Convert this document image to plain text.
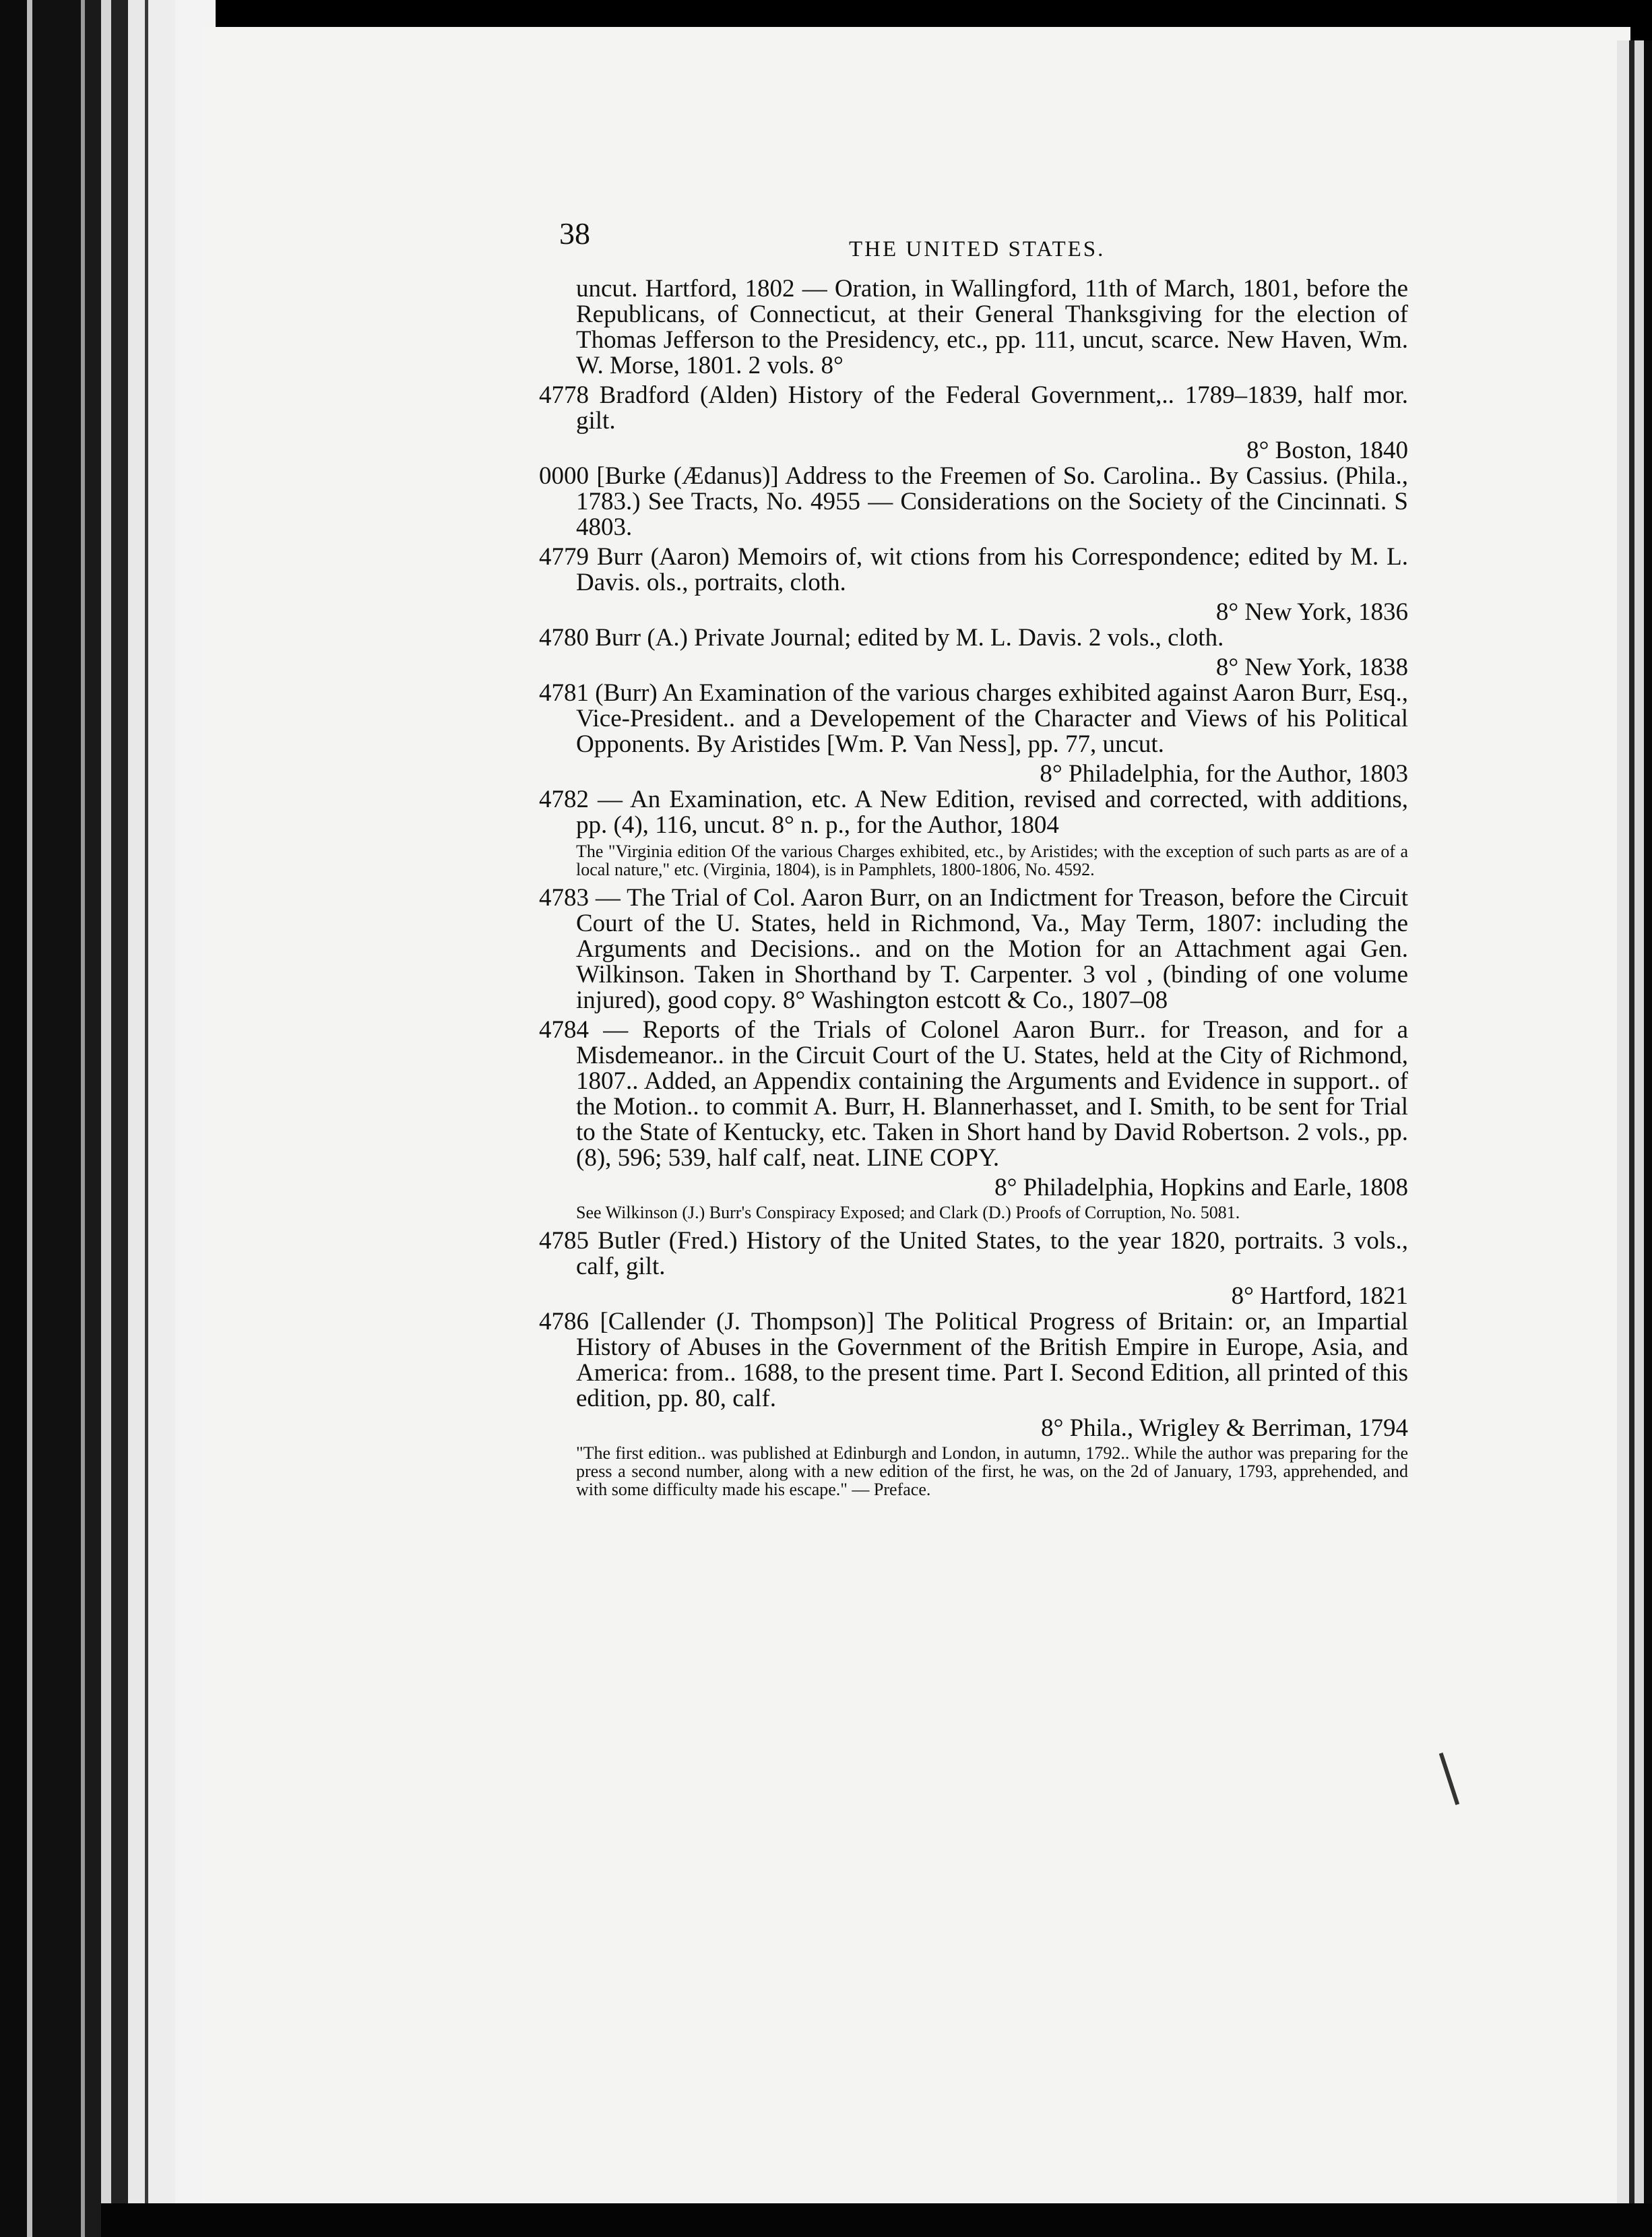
38	THE UNITED STATES.

uncut. Hartford, 1802 — Oration, in Wallingford, 11th of March, 1801, before the Republicans, of Connecticut, at their General Thanksgiving for the election of Thomas Jefferson to the Presidency, etc., pp. 111, uncut, scarce. New Haven, Wm. W. Morse, 1801. 2 vols. 8°

4778 Bradford (Alden) History of the Federal Government,.. 1789–1839, half mor. gilt.

8° Boston, 1840

0000 [Burke (Ædanus)] Address to the Freemen of So. Carolina.. By Cassius. (Phila., 1783.) See Tracts, No. 4955 — Considerations on the Society of the Cincinnati. S 4803.

4779 Burr (Aaron) Memoirs of, wit ctions from his Correspondence; edited by M. L. Davis. ols., portraits, cloth.

8° New York, 1836

4780 Burr (A.) Private Journal; edited by M. L. Davis. 2 vols., cloth.

8° New York, 1838

4781 (Burr) An Examination of the various charges exhibited against Aaron Burr, Esq., Vice-President.. and a Developement of the Character and Views of his Political Opponents. By Aristides [Wm. P. Van Ness], pp. 77, uncut.

8° Philadelphia, for the Author, 1803

4782 — An Examination, etc. A New Edition, revised and corrected, with additions, pp. (4), 116, uncut. 8° n. p., for the Author, 1804

The "Virginia edition Of the various Charges exhibited, etc., by Aristides; with the exception of such parts as are of a local nature," etc. (Virginia, 1804), is in Pamphlets, 1800-1806, No. 4592.

4783 — The Trial of Col. Aaron Burr, on an Indictment for Treason, before the Circuit Court of the U. States, held in Richmond, Va., May Term, 1807: including the Arguments and Decisions.. and on the Motion for an Attachment agai Gen. Wilkinson. Taken in Shorthand by T. Carpenter. 3 vol , (binding of one volume injured), good copy. 8° Washington estcott & Co., 1807–08

4784 — Reports of the Trials of Colonel Aaron Burr.. for Treason, and for a Misdemeanor.. in the Circuit Court of the U. States, held at the City of Richmond, 1807.. Added, an Appendix containing the Arguments and Evidence in support.. of the Motion.. to commit A. Burr, H. Blannerhasset, and I. Smith, to be sent for Trial to the State of Kentucky, etc. Taken in Short hand by David Robertson. 2 vols., pp. (8), 596; 539, half calf, neat. LINE COPY.

8° Philadelphia, Hopkins and Earle, 1808

See Wilkinson (J.) Burr's Conspiracy Exposed; and Clark (D.) Proofs of Corruption, No. 5081.

4785 Butler (Fred.) History of the United States, to the year 1820, portraits. 3 vols., calf, gilt.

8° Hartford, 1821

4786 [Callender (J. Thompson)] The Political Progress of Britain: or, an Impartial History of Abuses in the Government of the British Empire in Europe, Asia, and America: from.. 1688, to the present time. Part I. Second Edition, all printed of this edition, pp. 80, calf.

8° Phila., Wrigley & Berriman, 1794

"The first edition.. was published at Edinburgh and London, in autumn, 1792.. While the author was preparing for the press a second number, along with a new edition of the first, he was, on the 2d of January, 1793, apprehended, and with some difficulty made his escape." — Preface.
